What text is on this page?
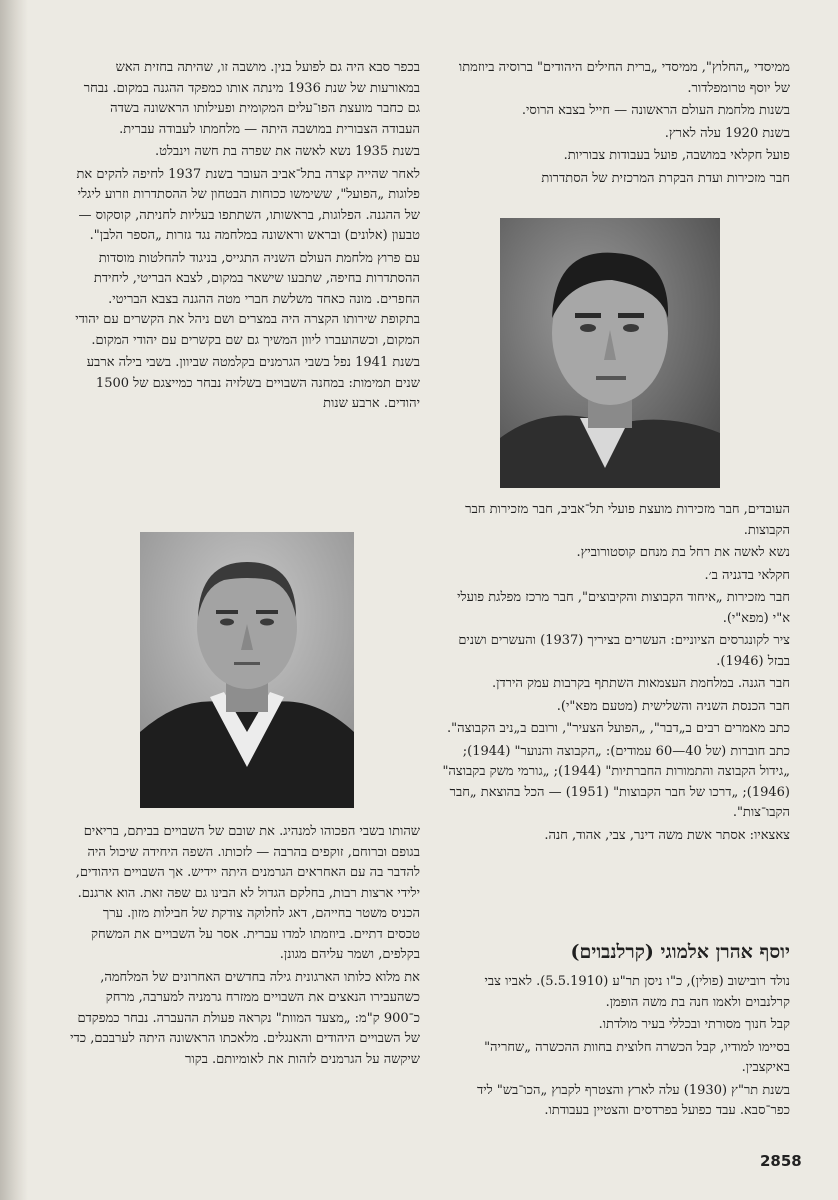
ממיסדי „החלוץ", ממיסדי „ברית החילים היהודים" ברוסיה ביוזמתו של יוסף טרומפלדור.

בשנות מלחמת העולם הראשונה — חייל בצבא הרוסי.

בשנת 1920 עלה לארץ.

פועל חקלאי במושבה, פועל בעבודות צבוריות.

חבר מזכירות ועדת הבקרת המרכזית של הסתדרות

העובדים, חבר מזכירות מועצת פועלי תל־אביב, חבר מזכירות חבר הקבוצות.

נשא לאשה את רחל בת מנחם קוסטורוביץ.

חקלאי בדגניה ב׳.

חבר מזכירות „איחוד הקבוצות והקיבוצים", חבר מרכז מפלגת פועלי א"י (מפא"י).

ציר לקונגרסים הציוניים: העשרים בציריך (1937) והעשרים ושנים בבזל (1946).

חבר הגנה. במלחמת העצמאות השתתף בקרבות עמק הירדן.

חבר הכנסת השניה והשלישית (מטעם מפא"י).

כתב מאמרים רבים ב„דבר", „הפועל הצעיר", ורובם ב„ניב הקבוצה".

כתב חוברות (של 40—60 עמודים): „הקבוצה והנוער" (1944); „גידול הקבוצה והתמורות החברתיות" (1944); „גורמי משק בקבוצה" (1946); „דרכו של חבר הקבוצות" (1951) — הכל בהוצאת „חבר הקבו־צות".

צאצאיו: אסתר אשת משה דינר, צבי, אהוד, חנה.

יוסף אהרן אלמוגי (קרלנבוים)

נולד רובישוב (פולין), כ"ו ניסן תר"ע (5.5.1910). לאביו צבי קרלנבוים ולאמו חנה בת משה הופמן.

קבל חנוך מסורתי ובכללי בעיר מולדתו.

בסיימו למודיו, קבל הכשרה חלוצית בחוות ההכשרה „שחריה" באיקצבין.

בשנת תר"ץ (1930) עלה לארץ והצטרף לקבוץ „הכו־בש" ליד כפר־סבא. עבד כפועל בפרדסים והצטיין בעבודתו.

בכפר סבא היה גם לפועל בנין. מושבה זו, שהיתה בחזית האש במאורעות של שנת 1936 מינתה אותו כמפקד ההגנה במקום. נבחר גם כחבר מועצת הפו־עלים המקומית ופעילותו הראשונה בשדה העבודה הצבורית במושבה היתה — מלחמתו לעבודה עברית.

בשנת 1935 נשא לאשה את שפרה בת חשה וינבלט.

לאחר שהייה קצרה בתל־אביב העובר בשנת 1937 לחיפה להקים את פלוגות „הפועל", ששימשו ככוחות הבטחון של ההסתדרות וזרוע ליגלי של ההגנה. הפלוגות, בראשותו, השתתפו בעליות לחניתה, קוסקוס — טבעון (אלונים) ובראש וראשונה במלחמה נגד גזרות „הספר הלבן".

עם פרוץ מלחמת העולם השניה התגייס, בניגוד להחלטות מוסדות ההסתדרות בחיפה, שתבעו שישאר במקום, לצבא הבריטי, ליחידת החפרים. מונה כאחד משלשת חברי מטה ההגנה בצבא הבריטי. בתקופת שירותו הקצרה היה במצרים ושם ניהל את הקשרים עם יהודי המקום, וכשהועברו ליוון המשיך גם שם בקשרים עם יהודי המקום.

בשנת 1941 נפל בשבי הגרמנים בקלמטה שביוון. בשבי בילה ארבע שנים תמימות: במחנה השבויים בשלזיה נבחר כמייצגם של 1500 יהודים. ארבע שנות

שהותו בשבי הפכוהו למנהיג. את שובם של השבויים בביתם, בריאים בגופם וברוחם, זוקפים בהרבה — לזכותו. השפה היחידה שיכול היה להדבר בה עם האחראים הגרמנים היתה יידיש. אך השבויים היהודים, ילידי ארצות רבות, בחלקם הגדול לא הבינו גם שפה זאת. הוא ארגנם. הכניס משטר בחייהם, דאג לחלוקה צודקת של חבילות מזון. ערך טכסים דתיים. ביוזמתו למדו עברית. אסר על השבויים את המשחק בקלפים, ושמר עליהם מגונן.

את מלוא כלותו הארגונית גילה בחדשים האחרונים של המלחמה, כשהעבירו הנאצים את השבויים ממזרח גרמניה למערבה, מרחק כ־900 ק"מ: „מצעד המוות" נקראה פעולת ההעברה. נבחר כמפקדם של השבויים היהודים והאנגלים. מלאכתו הראשונה היתה לערבבם, כדי שיקשה על הגרמנים לזהות את לאומיותם. בקור

2858
